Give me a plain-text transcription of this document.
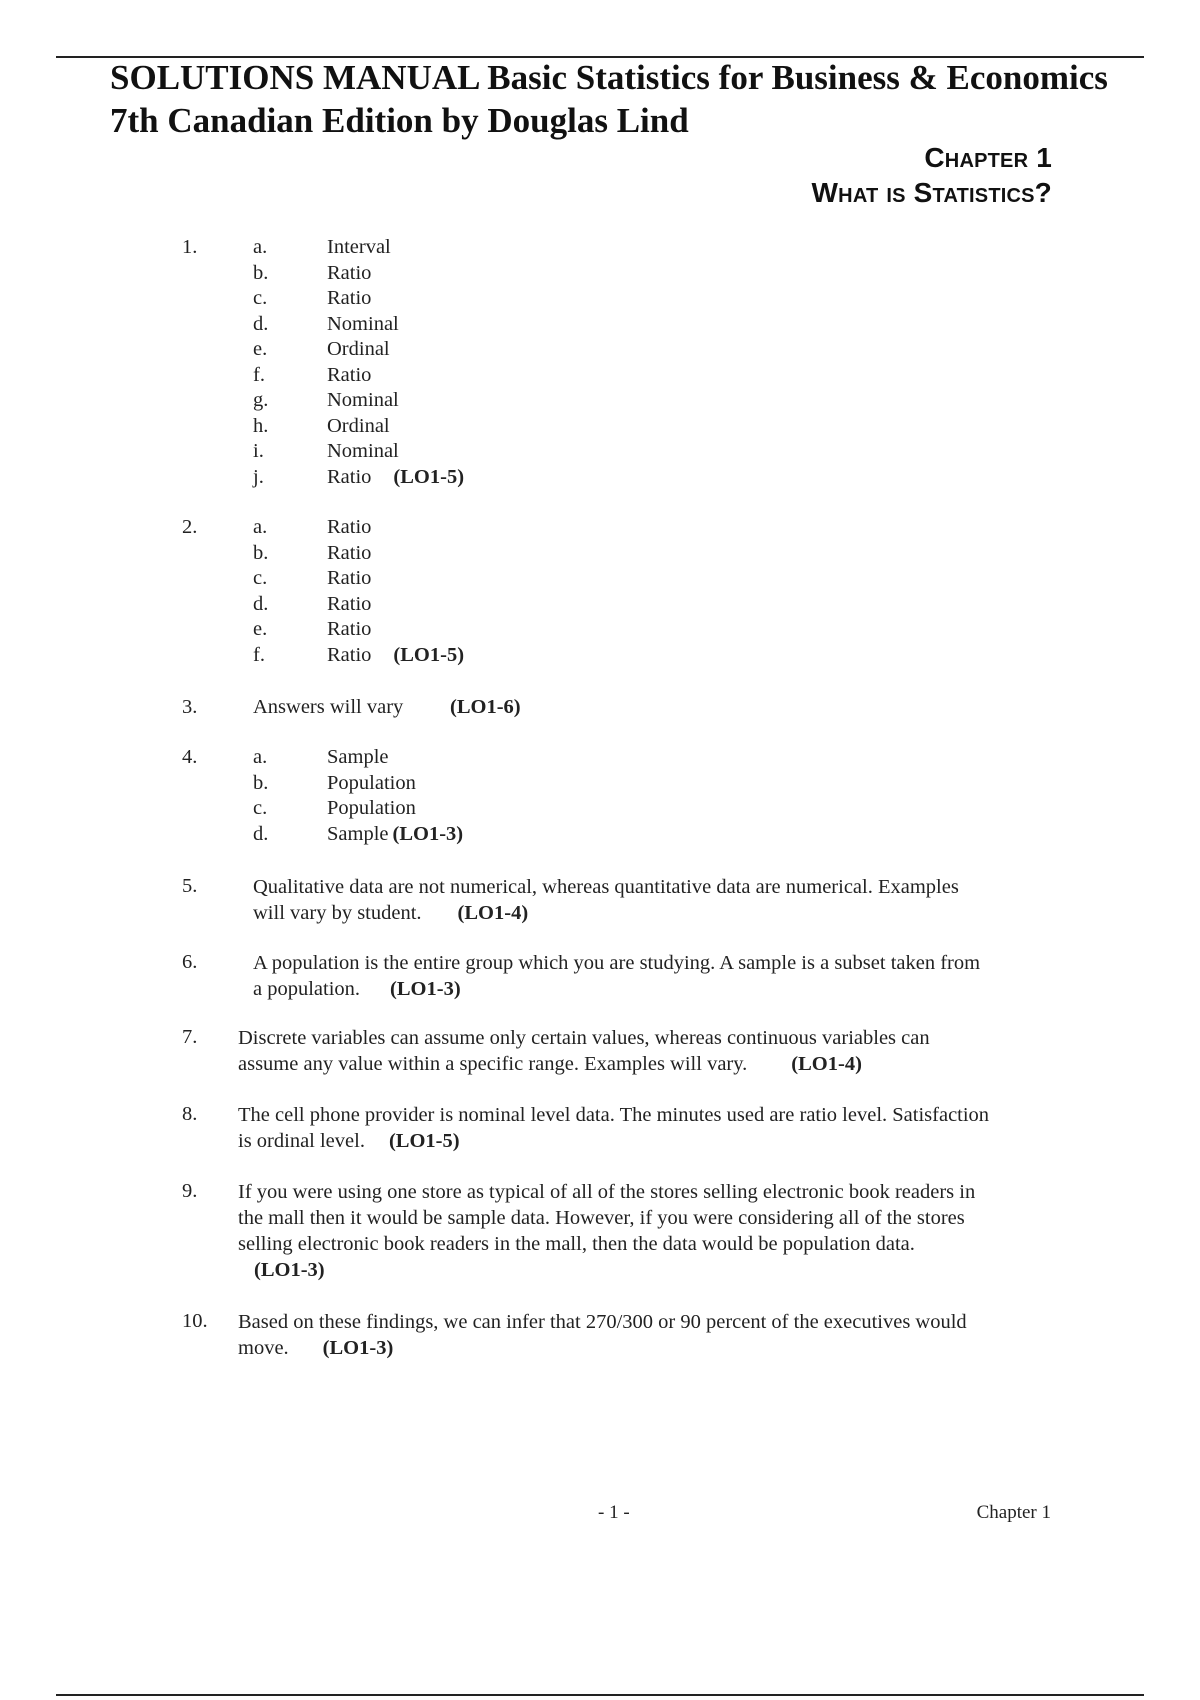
SOLUTIONS MANUAL Basic Statistics for Business & Economics
7th Canadian Edition by Douglas Lind
Chapter 1
What is Statistics?
1.	a.	Interval
b.	Ratio
c.	Ratio
d.	Nominal
e.	Ordinal
f.	Ratio
g.	Nominal
h.	Ordinal
i.	Nominal
j.	Ratio (LO1-5)
2.	a.	Ratio
b.	Ratio
c.	Ratio
d.	Ratio
e.	Ratio
f.	Ratio (LO1-5)
3.	Answers will vary (LO1-6)
4.	a.	Sample
b.	Population
c.	Population
d.	Sample (LO1-3)
5.	Qualitative data are not numerical, whereas quantitative data are numerical. Examples
will vary by student. (LO1-4)
6.	A population is the entire group which you are studying. A sample is a subset taken from
a population. (LO1-3)
7. Discrete variables can assume only certain values, whereas continuous variables can
assume any value within a specific range. Examples will vary. (LO1-4)
8. The cell phone provider is nominal level data. The minutes used are ratio level. Satisfaction
is ordinal level. (LO1-5)
9. If you were using one store as typical of all of the stores selling electronic book readers in
the mall then it would be sample data. However, if you were considering all of the stores
selling electronic book readers in the mall, then the data would be population data.
(LO1-3)
10. Based on these findings, we can infer that 270/300 or 90 percent of the executives would
move. (LO1-3)
- 1 -	Chapter 1
